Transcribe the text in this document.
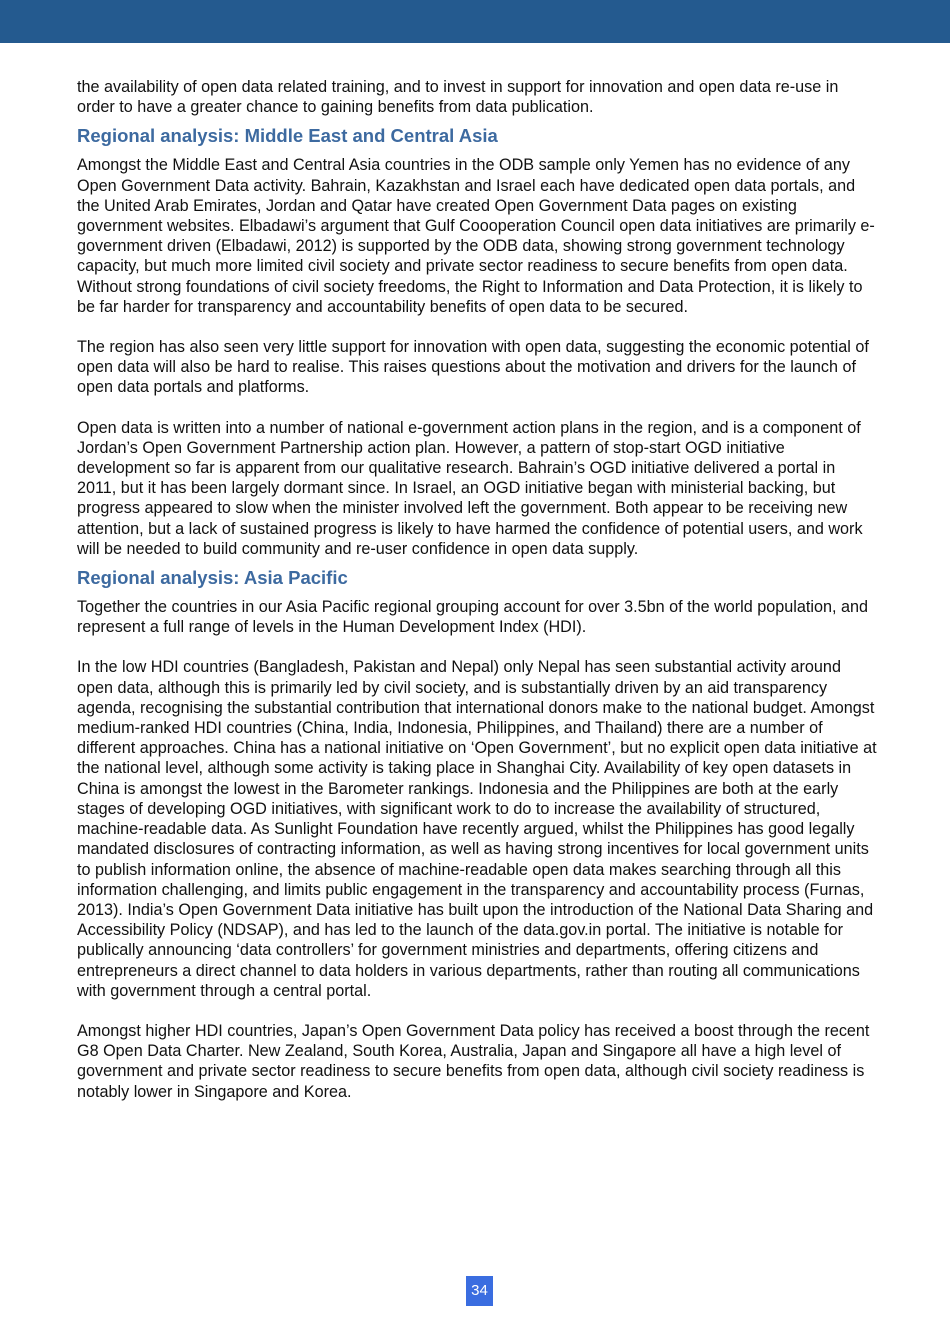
the availability of open data related training, and to invest in support for innovation and open data re-use in order to have a greater chance to gaining benefits from data publication.

Regional analysis: Middle East and Central Asia

Amongst the Middle East and Central Asia countries in the ODB sample only Yemen has no evidence of any Open Government Data activity. Bahrain, Kazakhstan and Israel each have dedicated open data portals, and the United Arab Emirates, Jordan and Qatar have created Open Government Data pages on existing government websites. Elbadawi’s argument that Gulf Coooperation Council open data initiatives are primarily e-government driven (Elbadawi, 2012) is supported by the ODB data, showing strong government technology capacity, but much more limited civil society and private sector readiness to secure benefits from open data. Without strong foundations of civil society freedoms, the Right to Information and Data Protection, it is likely to be far harder for transparency and accountability benefits of open data to be secured.

The region has also seen very little support for innovation with open data, suggesting the economic potential of open data will also be hard to realise. This raises questions about the motivation and drivers for the launch of open data portals and platforms.

Open data is written into a number of national e-government action plans in the region, and is a component of Jordan’s Open Government Partnership action plan. However, a pattern of stop-start OGD initiative development so far is apparent from our qualitative research. Bahrain’s OGD initiative delivered a portal in 2011, but it has been largely dormant since. In Israel, an OGD initiative began with ministerial backing, but progress appeared to slow when the minister involved left the government. Both appear to be receiving new attention, but a lack of sustained progress is likely to have harmed the confidence of potential users, and work will be needed to build community and re-user confidence in open data supply.

Regional analysis: Asia Pacific

Together the countries in our Asia Pacific regional grouping account for over 3.5bn of the world population, and represent a full range of levels in the Human Development Index (HDI).

In the low HDI countries (Bangladesh, Pakistan and Nepal) only Nepal has seen substantial activity around open data, although this is primarily led by civil society, and is substantially driven by an aid transparency agenda, recognising the substantial contribution that international donors make to the national budget. Amongst medium-ranked HDI countries (China, India, Indonesia, Philippines, and Thailand) there are a number of different approaches. China has a national initiative on ‘Open Government’, but no explicit open data initiative at the national level, although some activity is taking place in Shanghai City. Availability of key open datasets in China is amongst the lowest in the Barometer rankings. Indonesia and the Philippines are both at the early stages of developing OGD initiatives, with significant work to do to increase the availability of structured, machine-readable data. As Sunlight Foundation have recently argued, whilst the Philippines has good legally mandated disclosures of contracting information, as well as having strong incentives for local government units to publish information online, the absence of machine-readable open data makes searching through all this information challenging, and limits public engagement in the transparency and accountability process (Furnas, 2013). India’s Open Government Data initiative has built upon the introduction of the National Data Sharing and Accessibility Policy (NDSAP), and has led to the launch of the data.gov.in portal. The initiative is notable for publically announcing ‘data controllers’ for government ministries and departments, offering citizens and entrepreneurs a direct channel to data holders in various departments, rather than routing all communications with government through a central portal.

Amongst higher HDI countries, Japan’s Open Government Data policy has received a boost through the recent G8 Open Data Charter. New Zealand, South Korea, Australia, Japan and Singapore all have a high level of government and private sector readiness to secure benefits from open data, although civil society readiness is notably lower in Singapore and Korea.

34
